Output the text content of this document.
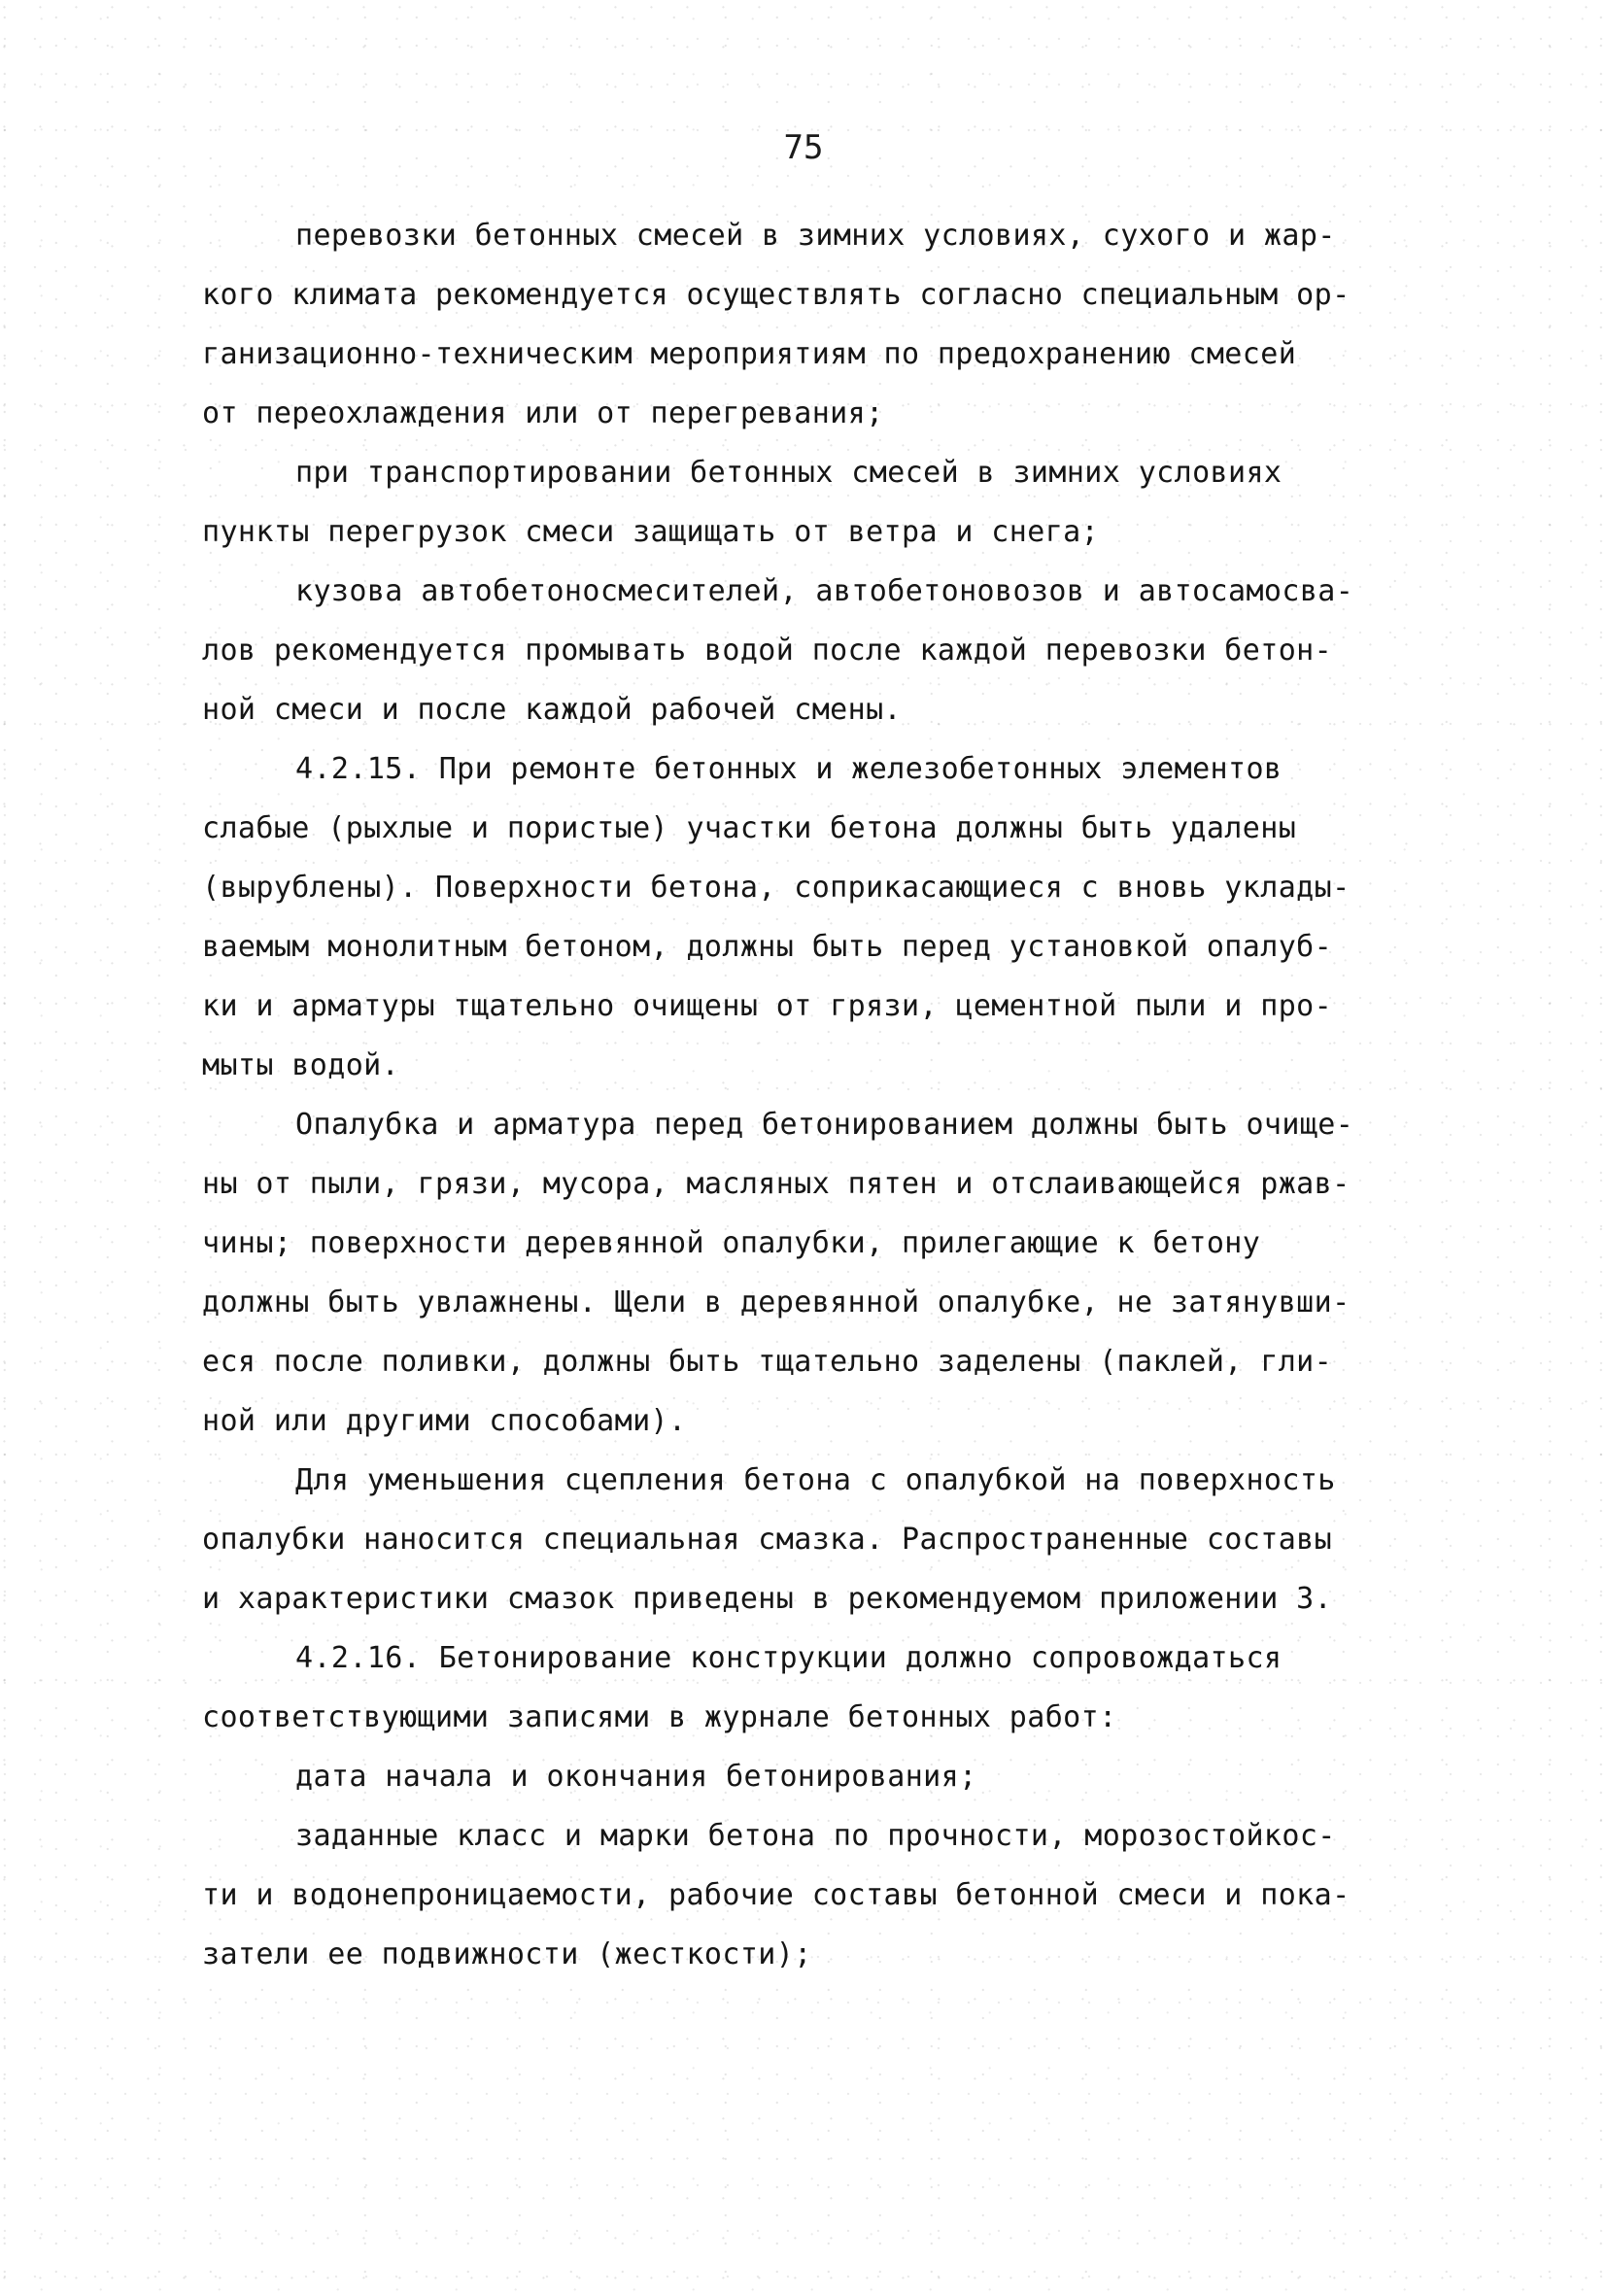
75
перевозки бетонных смесей в зимних условиях, сухого и жар-
кого климата рекомендуется осуществлять согласно специальным ор-
ганизационно-техническим мероприятиям по предохранению смесей
от переохлаждения или от перегревания;
при транспортировании бетонных смесей в зимних условиях
пункты перегрузок смеси защищать от ветра и снега;
кузова автобетоносмесителей, автобетоновозов и автосамосва-
лов рекомендуется промывать водой после каждой перевозки бетон-
ной смеси и после каждой рабочей смены.
4.2.15. При ремонте бетонных и железобетонных элементов
слабые (рыхлые и пористые) участки бетона должны быть удалены
(вырублены). Поверхности бетона, соприкасающиеся с вновь уклады-
ваемым монолитным бетоном, должны быть перед установкой опалуб-
ки и арматуры тщательно очищены от грязи, цементной пыли и про-
мыты водой.
Опалубка и арматура перед бетонированием должны быть очище-
ны от пыли, грязи, мусора, масляных пятен и отслаивающейся ржав-
чины; поверхности деревянной опалубки, прилегающие к бетону
должны быть увлажнены. Щели в деревянной опалубке, не затянувши-
еся после поливки, должны быть тщательно заделены (паклей, гли-
ной или другими способами).
Для уменьшения сцепления бетона с опалубкой на поверхность
опалубки наносится специальная смазка. Распространенные составы
и характеристики смазок приведены в рекомендуемом приложении 3.
4.2.16. Бетонирование конструкции должно сопровождаться
соответствующими записями в журнале бетонных работ:
дата начала и окончания бетонирования;
заданные класс и марки бетона по прочности, морозостойкос-
ти и водонепроницаемости, рабочие составы бетонной смеси и пока-
затели ее подвижности (жесткости);
